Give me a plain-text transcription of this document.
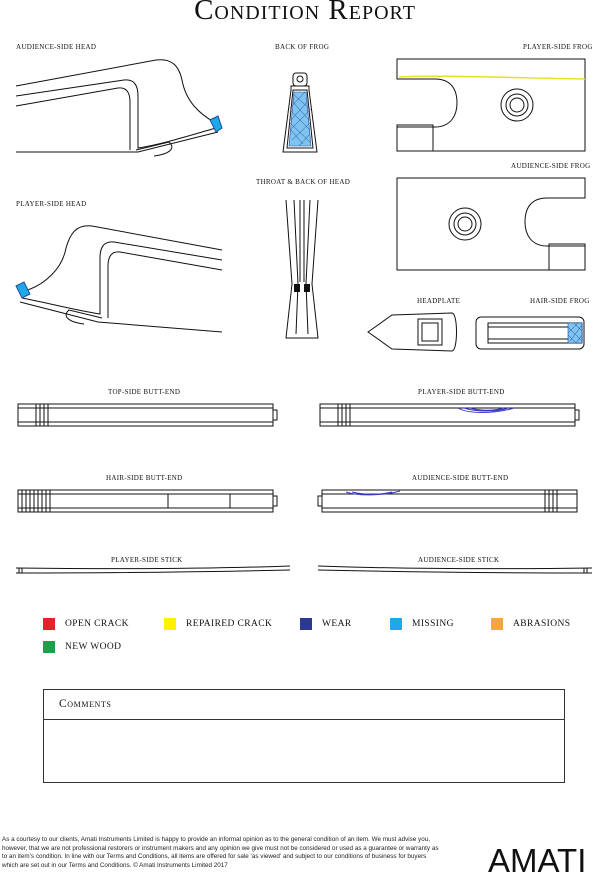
Condition Report
AUDIENCE-SIDE HEAD	BACK OF FROG	PLAYER-SIDE FROG
AUDIENCE-SIDE FROG
PLAYER-SIDE HEAD
THROAT & BACK OF HEAD
HEADPLATE	HAIR-SIDE FROG
TOP-SIDE BUTT-END	PLAYER-SIDE BUTT-END
HAIR-SIDE BUTT-END	AUDIENCE-SIDE BUTT-END
PLAYER-SIDE STICK	AUDIENCE-SIDE STICK
OPEN CRACK	REPAIRED CRACK	WEAR	MISSING	ABRASIONS
NEW WOOD
Comments
As a courtesy to our clients, Amati Instruments Limited is happy to provide an informal opinion as to the general condition of an item. We must advise you, however, that we are not professional restorers or instrument makers and any opinion we give must not be considered or used as a guarantee or warranty as to an item’s condition. In line with our Terms and Conditions, all items are offered for sale ‘as viewed’ and subject to our conditions of business for buyers which are set out in our Terms and Conditions. © Amati Instruments Limited 2017	AMATI
